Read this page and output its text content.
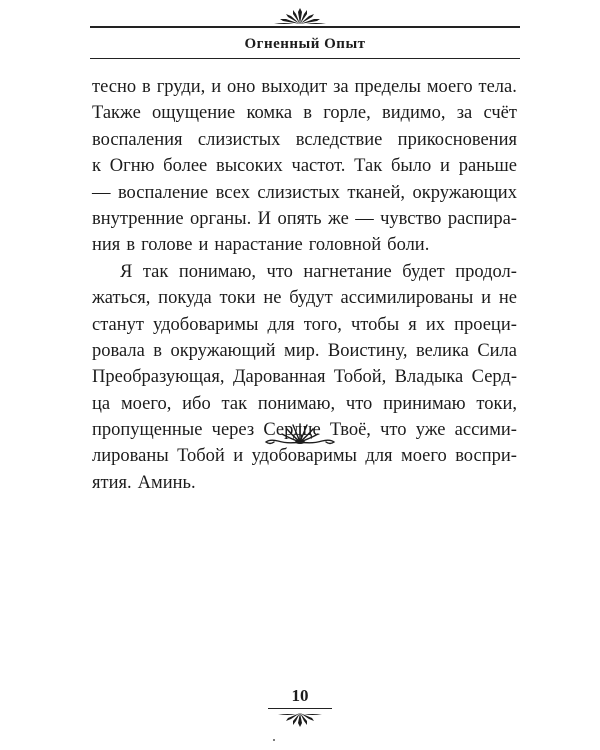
Огненный Опыт
тесно в груди, и оно выходит за пределы моего тела.
Также ощущение комка в горле, видимо, за счёт
воспаления слизистых вследствие прикосновения
к Огню более высоких частот. Так было и раньше
— воспаление всех слизистых тканей, окружающих
внутренние органы. И опять же — чувство распира-
ния в голове и нарастание головной боли.
Я так понимаю, что нагнетание будет продол-
жаться, покуда токи не будут ассимилированы и не
станут удобоваримы для того, чтобы я их проеци-
ровала в окружающий мир. Воистину, велика Сила
Преобразующая, Дарованная Тобой, Владыка Серд-
ца моего, ибо так понимаю, что принимаю токи,
пропущенные через Сердце Твоё, что уже ассими-
лированы Тобой и удобоваримы для моего воспри-
ятия. Аминь.
10
